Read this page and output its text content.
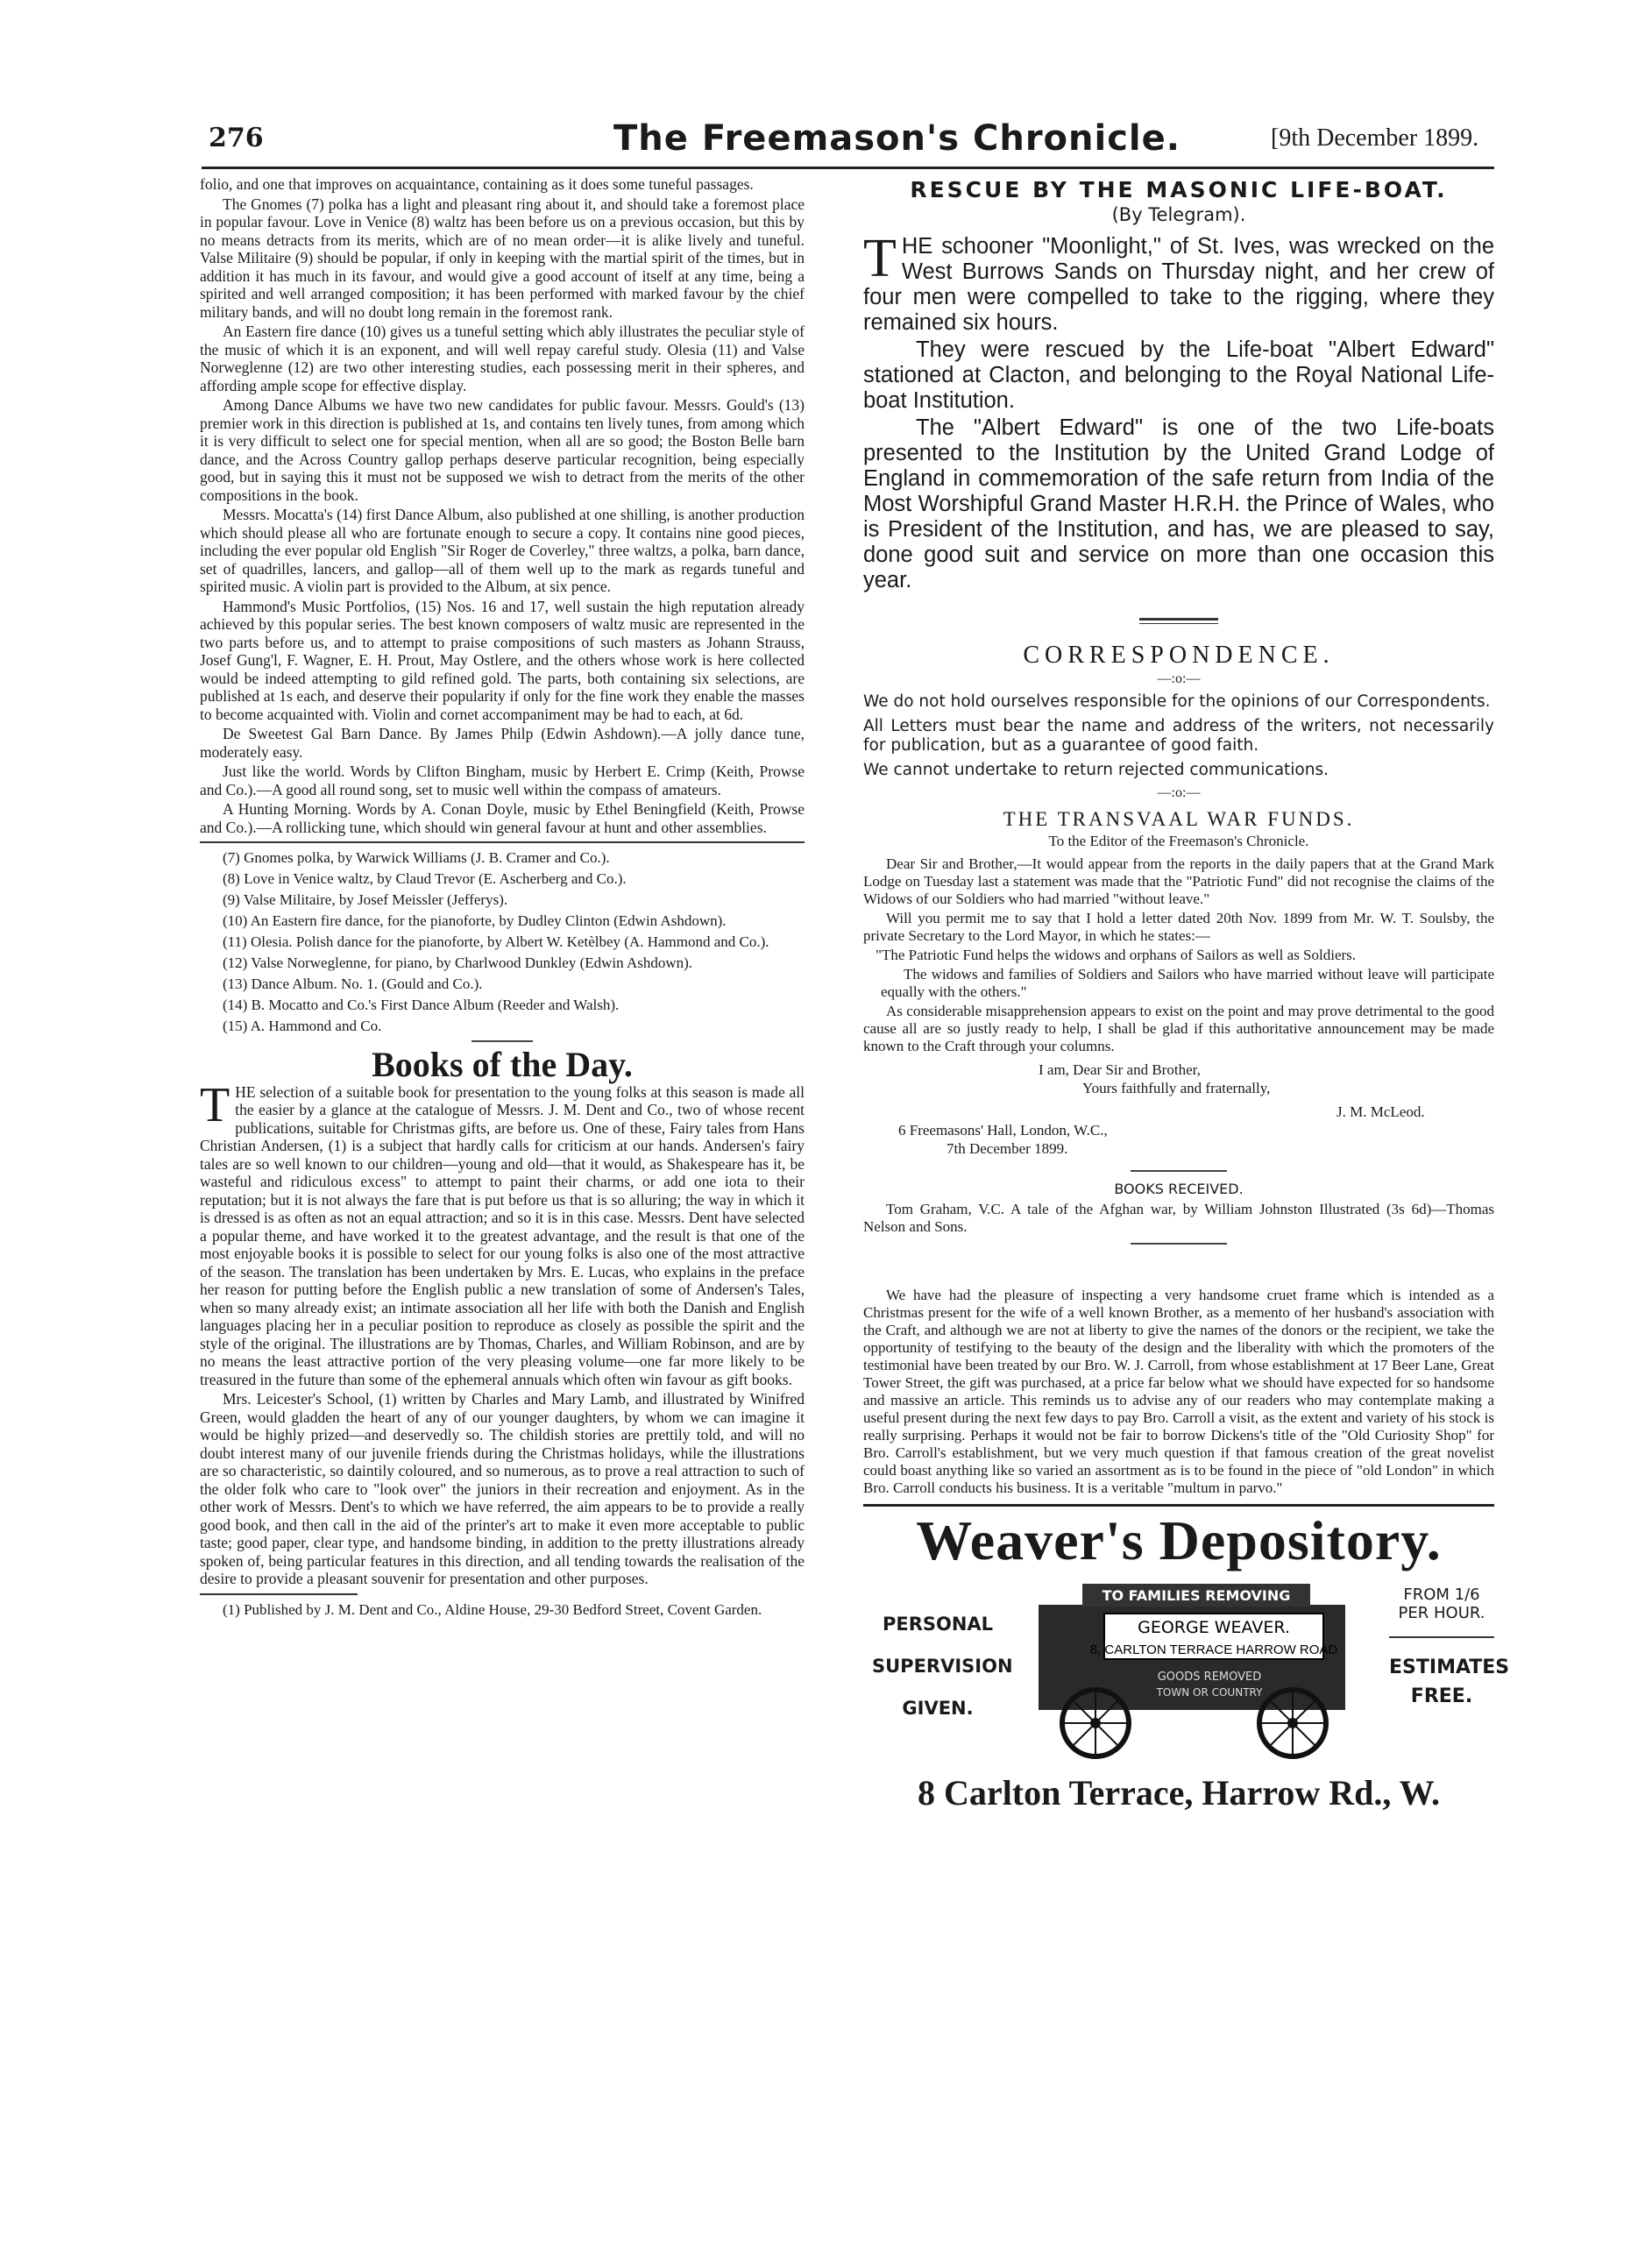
276	The Freemason's Chronicle.	[9th December 1899.

folio, and one that improves on acquaintance, containing as it does some tuneful passages.

The Gnomes (7) polka has a light and pleasant ring about it, and should take a foremost place in popular favour. Love in Venice (8) waltz has been before us on a previous occasion, but this by no means detracts from its merits, which are of no mean order—it is alike lively and tuneful. Valse Militaire (9) should be popular, if only in keeping with the martial spirit of the times, but in addition it has much in its favour, and would give a good account of itself at any time, being a spirited and well arranged composition; it has been performed with marked favour by the chief military bands, and will no doubt long remain in the foremost rank.

An Eastern fire dance (10) gives us a tuneful setting which ably illustrates the peculiar style of the music of which it is an exponent, and will well repay careful study. Olesia (11) and Valse Norweglenne (12) are two other interesting studies, each possessing merit in their spheres, and affording ample scope for effective display.

Among Dance Albums we have two new candidates for public favour. Messrs. Gould's (13) premier work in this direction is published at 1s, and contains ten lively tunes, from among which it is very difficult to select one for special mention, when all are so good; the Boston Belle barn dance, and the Across Country gallop perhaps deserve particular recognition, being especially good, but in saying this it must not be supposed we wish to detract from the merits of the other compositions in the book.

Messrs. Mocatta's (14) first Dance Album, also published at one shilling, is another production which should please all who are fortunate enough to secure a copy. It contains nine good pieces, including the ever popular old English "Sir Roger de Coverley," three waltzs, a polka, barn dance, set of quadrilles, lancers, and gallop—all of them well up to the mark as regards tuneful and spirited music. A violin part is provided to the Album, at six pence.

Hammond's Music Portfolios, (15) Nos. 16 and 17, well sustain the high reputation already achieved by this popular series. The best known composers of waltz music are represented in the two parts before us, and to attempt to praise compositions of such masters as Johann Strauss, Josef Gung'l, F. Wagner, E. H. Prout, May Ostlere, and the others whose work is here collected would be indeed attempting to gild refined gold. The parts, both containing six selections, are published at 1s each, and deserve their popularity if only for the fine work they enable the masses to become acquainted with. Violin and cornet accompaniment may be had to each, at 6d.

De Sweetest Gal Barn Dance. By James Philp (Edwin Ashdown).—A jolly dance tune, moderately easy.

Just like the world. Words by Clifton Bingham, music by Herbert E. Crimp (Keith, Prowse and Co.).—A good all round song, set to music well within the compass of amateurs.

A Hunting Morning. Words by A. Conan Doyle, music by Ethel Beningfield (Keith, Prowse and Co.).—A rollicking tune, which should win general favour at hunt and other assemblies.

(7) Gnomes polka, by Warwick Williams (J. B. Cramer and Co.).

(8) Love in Venice waltz, by Claud Trevor (E. Ascherberg and Co.).

(9) Valse Militaire, by Josef Meissler (Jefferys).

(10) An Eastern fire dance, for the pianoforte, by Dudley Clinton (Edwin Ashdown).

(11) Olesia. Polish dance for the pianoforte, by Albert W. Ketèlbey (A. Hammond and Co.).

(12) Valse Norweglenne, for piano, by Charlwood Dunkley (Edwin Ashdown).

(13) Dance Album. No. 1. (Gould and Co.).

(14) B. Mocatto and Co.'s First Dance Album (Reeder and Walsh).

(15) A. Hammond and Co.

Books of the Day.

THE selection of a suitable book for presentation to the young folks at this season is made all the easier by a glance at the catalogue of Messrs. J. M. Dent and Co., two of whose recent publications, suitable for Christmas gifts, are before us. One of these, Fairy tales from Hans Christian Andersen, (1) is a subject that hardly calls for criticism at our hands. Andersen's fairy tales are so well known to our children—young and old—that it would, as Shakespeare has it, be wasteful and ridiculous excess" to attempt to paint their charms, or add one iota to their reputation; but it is not always the fare that is put before us that is so alluring; the way in which it is dressed is as often as not an equal attraction; and so it is in this case. Messrs. Dent have selected a popular theme, and have worked it to the greatest advantage, and the result is that one of the most enjoyable books it is possible to select for our young folks is also one of the most attractive of the season. The translation has been undertaken by Mrs. E. Lucas, who explains in the preface her reason for putting before the English public a new translation of some of Andersen's Tales, when so many already exist; an intimate association all her life with both the Danish and English languages placing her in a peculiar position to reproduce as closely as possible the spirit and the style of the original. The illustrations are by Thomas, Charles, and William Robinson, and are by no means the least attractive portion of the very pleasing volume—one far more likely to be treasured in the future than some of the ephemeral annuals which often win favour as gift books.

Mrs. Leicester's School, (1) written by Charles and Mary Lamb, and illustrated by Winifred Green, would gladden the heart of any of our younger daughters, by whom we can imagine it would be highly prized—and deservedly so. The childish stories are prettily told, and will no doubt interest many of our juvenile friends during the Christmas holidays, while the illustrations are so characteristic, so daintily coloured, and so numerous, as to prove a real attraction to such of the older folk who care to "look over" the juniors in their recreation and enjoyment. As in the other work of Messrs. Dent's to which we have referred, the aim appears to be to provide a really good book, and then call in the aid of the printer's art to make it even more acceptable to public taste; good paper, clear type, and handsome binding, in addition to the pretty illustrations already spoken of, being particular features in this direction, and all tending towards the realisation of the desire to provide a pleasant souvenir for presentation and other purposes.

(1) Published by J. M. Dent and Co., Aldine House, 29-30 Bedford Street, Covent Garden.

RESCUE BY THE MASONIC LIFE-BOAT.
(By Telegram).

THE schooner "Moonlight," of St. Ives, was wrecked on the West Burrows Sands on Thursday night, and her crew of four men were compelled to take to the rigging, where they remained six hours.

They were rescued by the Life-boat "Albert Edward" stationed at Clacton, and belonging to the Royal National Life-boat Institution.

The "Albert Edward" is one of the two Life-boats presented to the Institution by the United Grand Lodge of England in commemoration of the safe return from India of the Most Worshipful Grand Master H.R.H. the Prince of Wales, who is President of the Institution, and has, we are pleased to say, done good suit and service on more than one occasion this year.

CORRESPONDENCE.
—:o:—

We do not hold ourselves responsible for the opinions of our Correspondents.

All Letters must bear the name and address of the writers, not necessarily for publication, but as a guarantee of good faith.

We cannot undertake to return rejected communications.

—:o:—
THE TRANSVAAL WAR FUNDS.
To the Editor of the Freemason's Chronicle.

Dear Sir and Brother,—It would appear from the reports in the daily papers that at the Grand Mark Lodge on Tuesday last a statement was made that the "Patriotic Fund" did not recognise the claims of the Widows of our Soldiers who had married "without leave."

Will you permit me to say that I hold a letter dated 20th Nov. 1899 from Mr. W. T. Soulsby, the private Secretary to the Lord Mayor, in which he states:—

"The Patriotic Fund helps the widows and orphans of Sailors as well as Soldiers.

The widows and families of Soldiers and Sailors who have married without leave will participate equally with the others."

As considerable misapprehension appears to exist on the point and may prove detrimental to the good cause all are so justly ready to help, I shall be glad if this authoritative announcement may be made known to the Craft through your columns.

I am, Dear Sir and Brother,
Yours faithfully and fraternally,
J. M. McLeod.
6 Freemasons' Hall, London, W.C.,
7th December 1899.
BOOKS RECEIVED.

Tom Graham, V.C. A tale of the Afghan war, by William Johnston Illustrated (3s 6d)—Thomas Nelson and Sons.

We have had the pleasure of inspecting a very handsome cruet frame which is intended as a Christmas present for the wife of a well known Brother, as a memento of her husband's association with the Craft, and although we are not at liberty to give the names of the donors or the recipient, we take the opportunity of testifying to the beauty of the design and the liberality with which the promoters of the testimonial have been treated by our Bro. W. J. Carroll, from whose establishment at 17 Beer Lane, Great Tower Street, the gift was purchased, at a price far below what we should have expected for so handsome and massive an article. This reminds us to advise any of our readers who may contemplate making a useful present during the next few days to pay Bro. Carroll a visit, as the extent and variety of his stock is really surprising. Perhaps it would not be fair to borrow Dickens's title of the "Old Curiosity Shop" for Bro. Carroll's establishment, but we very much question if that famous creation of the great novelist could boast anything like so varied an assortment as is to be found in the piece of "old London" in which Bro. Carroll conducts his business. It is a veritable "multum in parvo."

Weaver's Depository.
PERSONAL
SUPERVISION
GIVEN.
TO FAMILIES REMOVING
GEORGE WEAVER.
8, CARLTON TERRACE HARROW ROAD
GOODS REMOVED
TOWN OR COUNTRY
FROM 1/6
PER HOUR.
ESTIMATES
FREE.
8 Carlton Terrace, Harrow Rd., W.
